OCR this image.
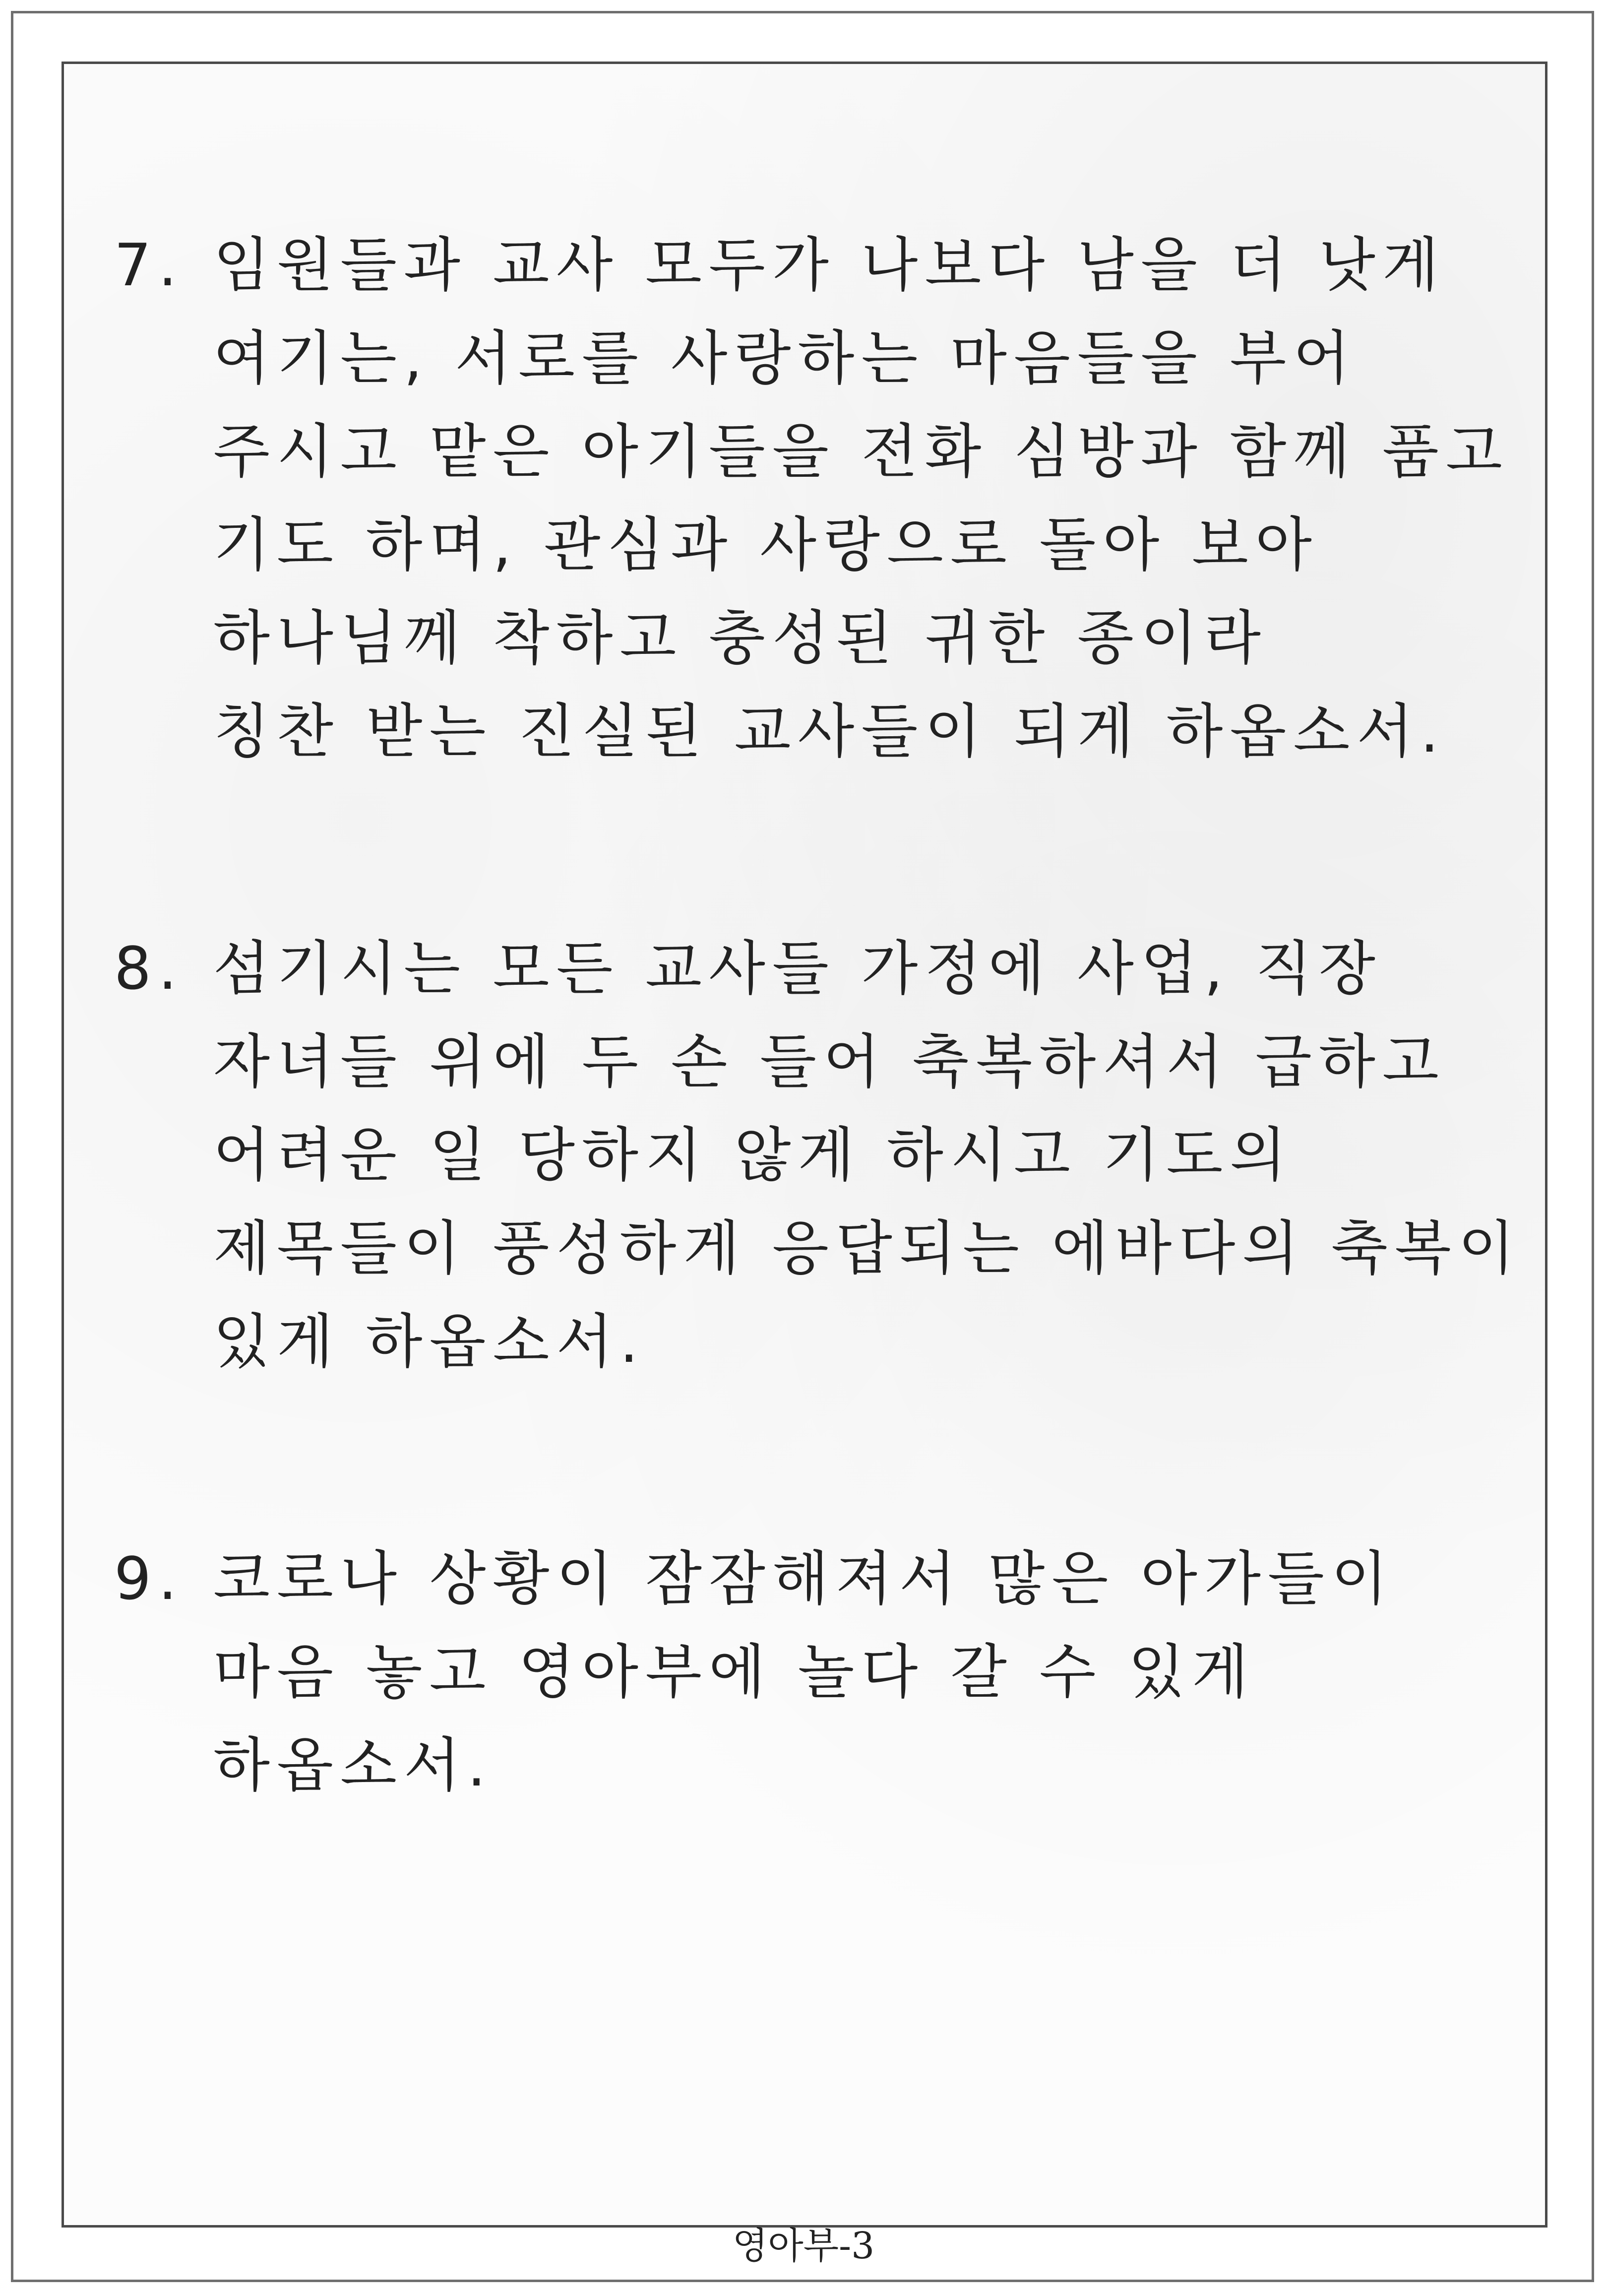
7. 임원들과 교사 모두가 나보다 남을 더 낫게
여기는, 서로를 사랑하는 마음들을 부어
주시고 맡은 아기들을 전화 심방과 함께 품고
기도 하며, 관심과 사랑으로 돌아 보아
하나님께 착하고 충성된 귀한 종이라
칭찬 받는 진실된 교사들이 되게 하옵소서.
8. 섬기시는 모든 교사들 가정에 사업, 직장
자녀들 위에 두 손 들어 축복하셔서 급하고
어려운 일 당하지 않게 하시고 기도의
제목들이 풍성하게 응답되는 에바다의 축복이
있게 하옵소서.
9. 코로나 상황이 잠잠해져서 많은 아가들이
마음 놓고 영아부에 놀다 갈 수 있게
하옵소서.
영아부-3
